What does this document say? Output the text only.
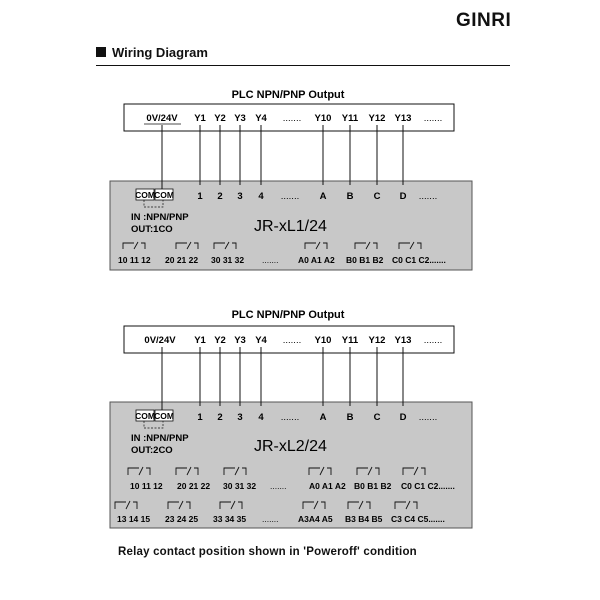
GINRI
Wiring Diagram
PLC NPN/PNP Output
0V/24V Y1 Y2 Y3 Y4 ....... Y10 Y11 Y12 Y13 .......
COM COM 1 2 3 4 ....... A B C D .......
IN :NPN/PNP
OUT:1CO	JR-xL1/24
10 11 12 20 21 22 30 31 32 ....... A0 A1 A2 B0 B1 B2 C0 C1 C2.......
PLC NPN/PNP Output
0V/24V Y1 Y2 Y3 Y4 ....... Y10 Y11 Y12 Y13 .......
COM COM 1 2 3 4 ....... A B C D .......
IN :NPN/PNP
OUT:2CO	JR-xL2/24
10 11 12 20 21 22 30 31 32 .......	A0 A1 A2 B0 B1 B2 C0 C1 C2.......
13 14 15 23 24 25 33 34 35 ....... A3A4 A5 B3 B4 B5 C3 C4 C5.......
Relay contact position shown in 'Poweroff' condition
